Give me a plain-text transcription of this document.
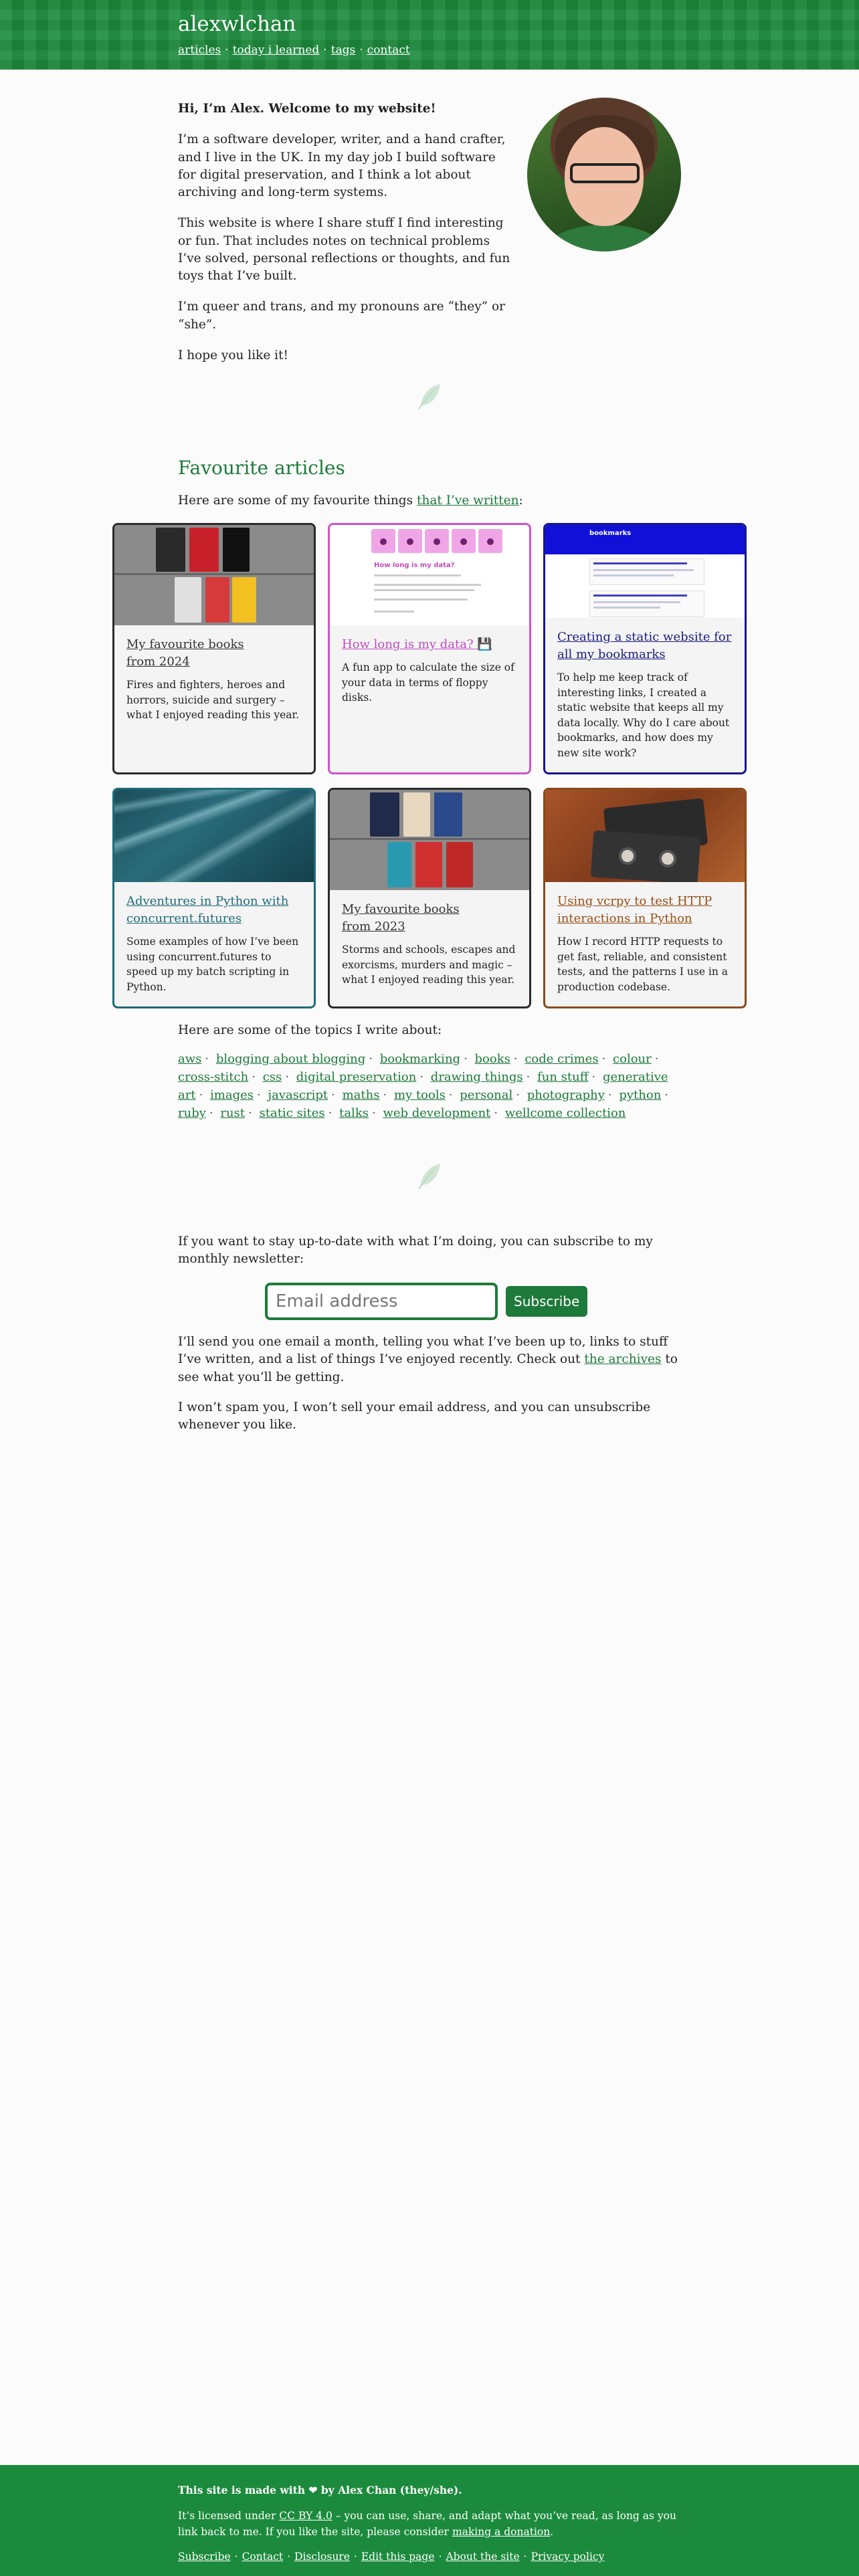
alexwlchan
articles · today i learned · tags · contact

Hi, I’m Alex. Welcome to my website!

I’m a software developer, writer, and a hand crafter, and I live in the UK. In my day job I build software for digital preservation, and I think a lot about archiving and long-term systems.

This website is where I share stuff I find interesting or fun. That includes notes on technical problems I’ve solved, personal reflections or thoughts, and fun toys that I’ve built.

I’m queer and trans, and my pronouns are “they” or “she”.

I hope you like it!

Favourite articles

Here are some of my favourite things that I’ve written:

My favourite books from 2024

Fires and fighters, heroes and horrors, suicide and surgery – what I enjoyed reading this year.

How long is my data?
How long is my data? 💾

A fun app to calculate the size of your data in terms of floppy disks.

bookmarks
Creating a static website for all my bookmarks

To help me keep track of interesting links, I created a static website that keeps all my data locally. Why do I care about bookmarks, and how does my new site work?

Adventures in Python with concurrent.futures

Some examples of how I’ve been using concurrent.futures to speed up my batch scripting in Python.

My favourite books from 2023

Storms and schools, escapes and exorcisms, murders and magic – what I enjoyed reading this year.

Using vcrpy to test HTTP interactions in Python

How I record HTTP requests to get fast, reliable, and consistent tests, and the patterns I use in a production codebase.

Here are some of the topics I write about:

aws · blogging about blogging · bookmarking · books · code crimes · colour · cross-stitch · css · digital preservation · drawing things · fun stuff · generative art · images · javascript · maths · my tools · personal · photography · python · ruby · rust · static sites · talks · web development · wellcome collection

If you want to stay up-to-date with what I’m doing, you can subscribe to my monthly newsletter:

Email address
Subscribe

I’ll send you one email a month, telling you what I’ve been up to, links to stuff I’ve written, and a list of things I’ve enjoyed recently. Check out the archives to see what you’ll be getting.

I won’t spam you, I won’t sell your email address, and you can unsubscribe whenever you like.

This site is made with ❤ by Alex Chan (they/she).

It’s licensed under CC BY 4.0 – you can use, share, and adapt what you’ve read, as long as you link back to me. If you like the site, please consider making a donation.

Subscribe · Contact · Disclosure · Edit this page · About the site · Privacy policy
